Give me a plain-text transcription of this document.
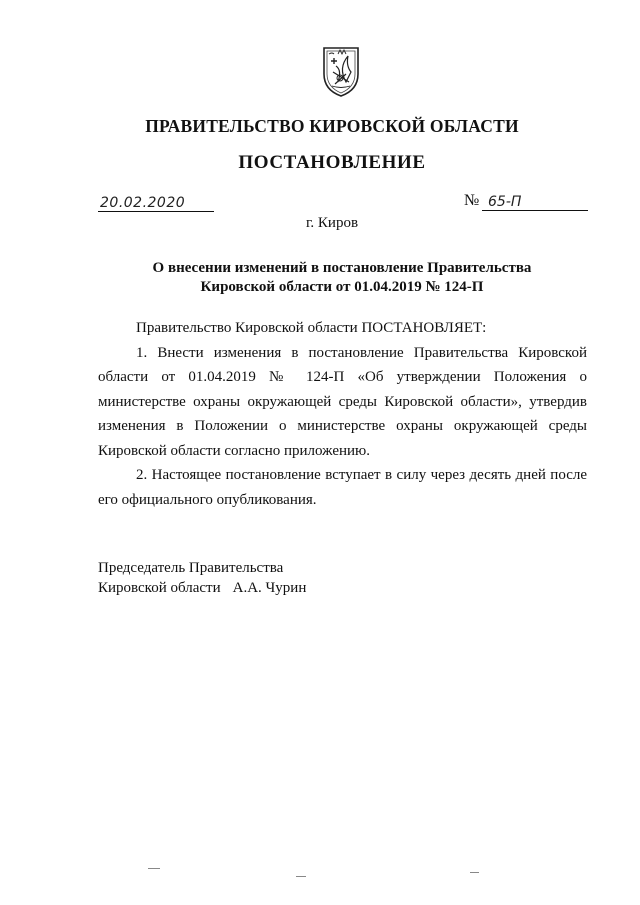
ПРАВИТЕЛЬСТВО КИРОВСКОЙ ОБЛАСТИ
ПОСТАНОВЛЕНИЕ
20.02.2020	№ 65-П
г. Киров
О внесении изменений в постановление Правительства Кировской области от 01.04.2019 № 124-П

Правительство Кировской области ПОСТАНОВЛЯЕТ:

1. Внести изменения в постановление Правительства Кировской области от 01.04.2019 № 124-П «Об утверждении Положения о министерстве охраны окружающей среды Кировской области», утвердив изменения в Положении о министерстве охраны окружающей среды Кировской области согласно приложению.

2. Настоящее постановление вступает в силу через десять дней после его официального опубликования.

Председатель Правительства
Кировской области А.А. Чурин
